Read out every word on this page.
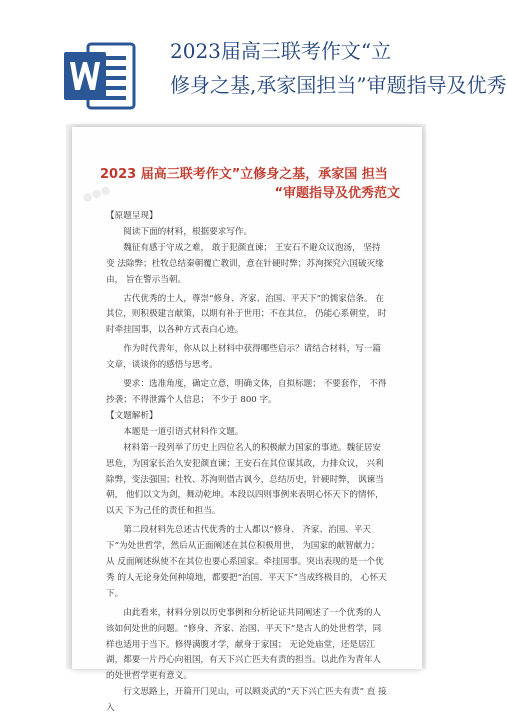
2023届高三联考作文“立
修身之基,承家国担当”审题指导及优秀
●●●
2023 届高三联考作文”立修身之基，承家国 担当
“审题指导及优秀范文

【原题呈现】

阅读下面的材料，根据要求写作。

魏征有感于守成之难， 敢于犯颜直谏； 王安石不避众议泡汤， 坚持变 法除弊；杜牧总结秦朝覆亡教训，意在针硬时弊；苏洵探究六国破灭缘由， 旨在警示当朝。

古代优秀的士人，尊崇“修身、齐家、治国、平天下”的儒家信条。 在其位，则积极建言献策，以期有补于世用；不在其位， 仍能心系朝堂， 时时牵挂国事，以各种方式表白心迹。

作为时代青年，你从以上材料中获得哪些启示？请结合材料，写一篇 文章，谈谈你的感悟与思考。

要求：选准角度，确定立意，明确文体，自拟标题； 不要套作， 不得 抄袭；不得泄露个人信息； 不少于 800 字。

【文题解析】

本题是一道引语式材料作文题。

材料第一段列举了历史上四位名人的积极献力国家的事迹。魏征居安 思危，为国家长治久安犯颜直谏；王安石在其位谋其政，力排众议， 兴利 除弊，变法强国；杜牧、苏洵则借古讽今，总结历史，针硬时弊， 讽谏当朝， 他们以文为剑，舞动乾坤。本段以四则事例来表明心怀天下的情怀， 以天 下为己任的责任和担当。

第二段材料先总述古代优秀的士人都以“修身、 齐家、治国、平天下”为处世哲学，然后从正面阐述在其位积极用世， 为国家的献智献力；从 反面阐述纵使不在其位也要心系国家。牵挂国事。突出表现的是一个优秀 的人无论身处何种境地，都要把“治国、平天下”当成终极目的， 心怀天下。

由此看来，材料分别以历史事例和分析论证共同阐述了一个优秀的人 该如何处世的问题。“修身、齐家、治国、平天下”是古人的处世哲学，同样也适用于当下。修得满腹才学，献身于家国； 无论处庙堂，还是居江 湖，都要一片丹心向祖国，有天下兴亡匹夫有责的担当。以此作为青年人 的处世哲学更有意义。

行文思路上，开篇开门见山，可以顾炎武的“天下兴亡匹夫有责” 直 接入
